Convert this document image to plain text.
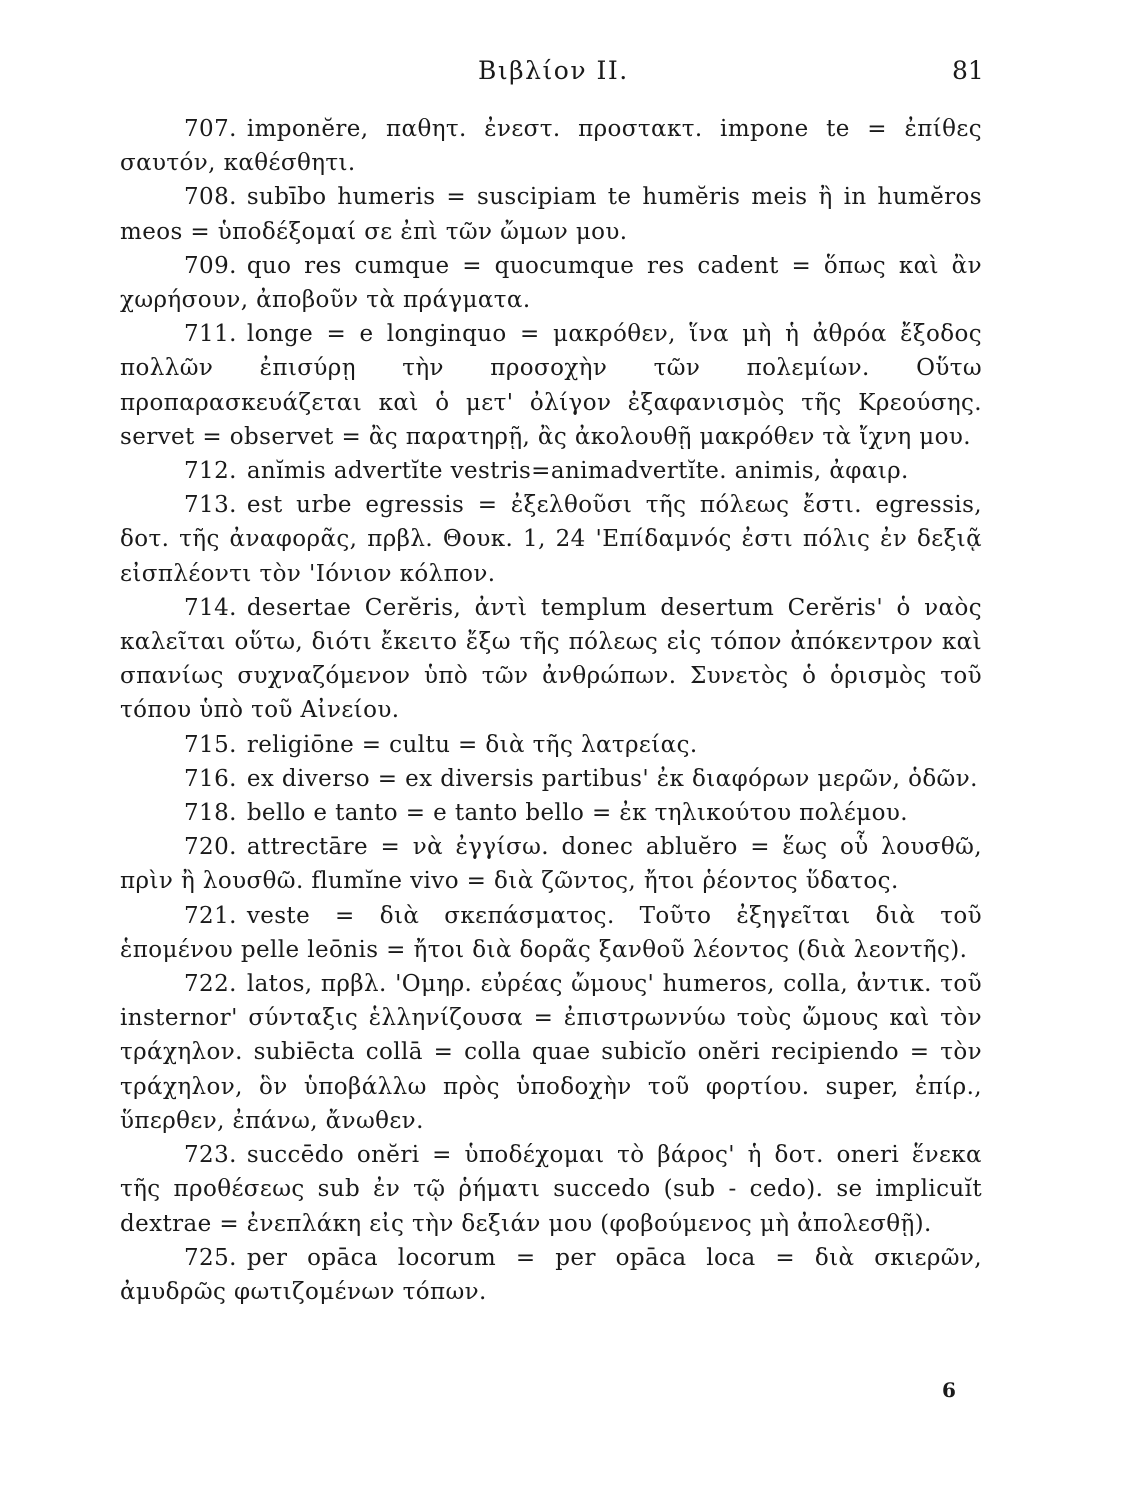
Βιβλίον II.	81

707. imponĕre, παθητ. ἐνεστ. προστακτ. impone te = ἐπίθες σαυτόν, καθέσθητι.

708. subībo humeris = suscipiam te humĕris meis ἢ in humĕros meos = ὑποδέξομαί σε ἐπὶ τῶν ὤμων μου.

709. quo res cumque = quocumque res cadent = ὅπως καὶ ἂν χωρήσουν, ἀποβοῦν τὰ πράγματα.

711. longe = e longinquo = μακρόθεν, ἵνα μὴ ἡ ἀθρόα ἔξοδος πολλῶν ἐπισύρῃ τὴν προσοχὴν τῶν πολεμίων. Οὕτω προπαρασκευάζεται καὶ ὁ μετ' ὀλίγον ἐξαφανισμὸς τῆς Κρεούσης. servet = observet = ἂς παρατηρῇ, ἂς ἀκολουθῇ μακρόθεν τὰ ἴχνη μου.

712. anĭmis advertĭte vestris=animadvertĭte. animis, ἀφαιρ.

713. est urbe egressis = ἐξελθοῦσι τῆς πόλεως ἔστι. egressis, δοτ. τῆς ἀναφορᾶς, πρβλ. Θουκ. 1, 24 'Επίδαμνός ἐστι πόλις ἐν δεξιᾷ εἰσπλέοντι τὸν 'Ιόνιον κόλπον.

714. desertae Cerĕris, ἀντὶ templum desertum Cerĕris' ὁ ναὸς καλεῖται οὕτω, διότι ἔκειτο ἔξω τῆς πόλεως εἰς τόπον ἀπόκεντρον καὶ σπανίως συχναζόμενον ὑπὸ τῶν ἀνθρώπων. Συνετὸς ὁ ὁρισμὸς τοῦ τόπου ὑπὸ τοῦ Αἰνείου.

715. religiōne = cultu = διὰ τῆς λατρείας.

716. ex diverso = ex diversis partibus' ἐκ διαφόρων μερῶν, ὁδῶν.

718. bello e tanto = e tanto bello = ἐκ τηλικούτου πολέμου.

720. attrectāre = νὰ ἐγγίσω. donec abluĕro = ἕως οὗ λουσθῶ, πρὶν ἢ λουσθῶ. flumĭne vivo = διὰ ζῶντος, ἤτοι ῥέοντος ὕδατος.

721. veste = διὰ σκεπάσματος. Τοῦτο ἐξηγεῖται διὰ τοῦ ἑπομένου pelle leōnis = ἤτοι διὰ δορᾶς ξανθοῦ λέοντος (διὰ λεοντῆς).

722. latos, πρβλ. 'Ομηρ. εὐρέας ὤμους' humeros, colla, ἀντικ. τοῦ insternor' σύνταξις ἑλληνίζουσα = ἐπιστρωννύω τοὺς ὤμους καὶ τὸν τράχηλον. subiēcta collā = colla quae subicĭo onĕri recipiendo = τὸν τράχηλον, ὃν ὑποβάλλω πρὸς ὑποδοχὴν τοῦ φορτίου. super, ἐπίρ., ὕπερθεν, ἐπάνω, ἄνωθεν.

723. succēdo onĕri = ὑποδέχομαι τὸ βάρος' ἡ δοτ. oneri ἕνεκα τῆς προθέσεως sub ἐν τῷ ῥήματι succedo (sub - cedo). se implicuĭt dextrae = ἐνεπλάκη εἰς τὴν δεξιάν μου (φοβούμενος μὴ ἀπολεσθῇ).

725. per opāca locorum = per opāca loca = διὰ σκιερῶν, ἀμυδρῶς φωτιζομένων τόπων.

6
